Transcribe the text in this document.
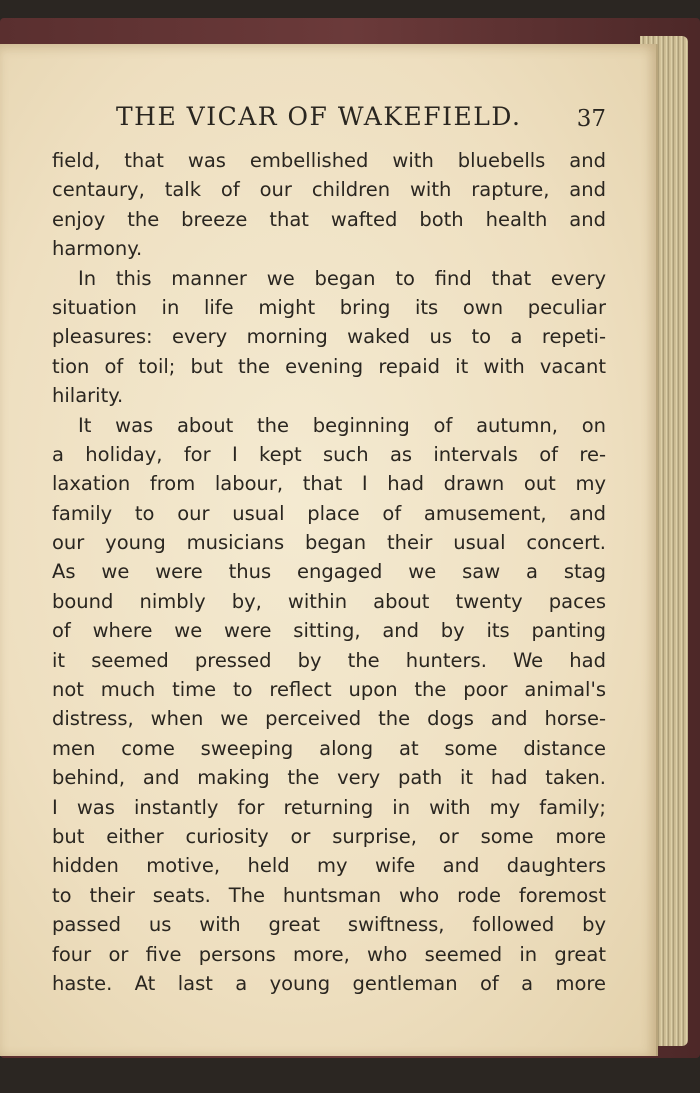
THE VICAR OF WAKEFIELD. 37
field, that was embellished with bluebells and
centaury, talk of our children with rapture, and
enjoy the breeze that wafted both health and
harmony.
In this manner we began to find that every
situation in life might bring its own peculiar
pleasures: every morning waked us to a repeti-
tion of toil; but the evening repaid it with vacant
hilarity.
It was about the beginning of autumn, on
a holiday, for I kept such as intervals of re-
laxation from labour, that I had drawn out my
family to our usual place of amusement, and
our young musicians began their usual concert.
As we were thus engaged we saw a stag
bound nimbly by, within about twenty paces
of where we were sitting, and by its panting
it seemed pressed by the hunters. We had
not much time to reflect upon the poor animal's
distress, when we perceived the dogs and horse-
men come sweeping along at some distance
behind, and making the very path it had taken.
I was instantly for returning in with my family;
but either curiosity or surprise, or some more
hidden motive, held my wife and daughters
to their seats. The huntsman who rode foremost
passed us with great swiftness, followed by
four or five persons more, who seemed in great
haste. At last a young gentleman of a more
